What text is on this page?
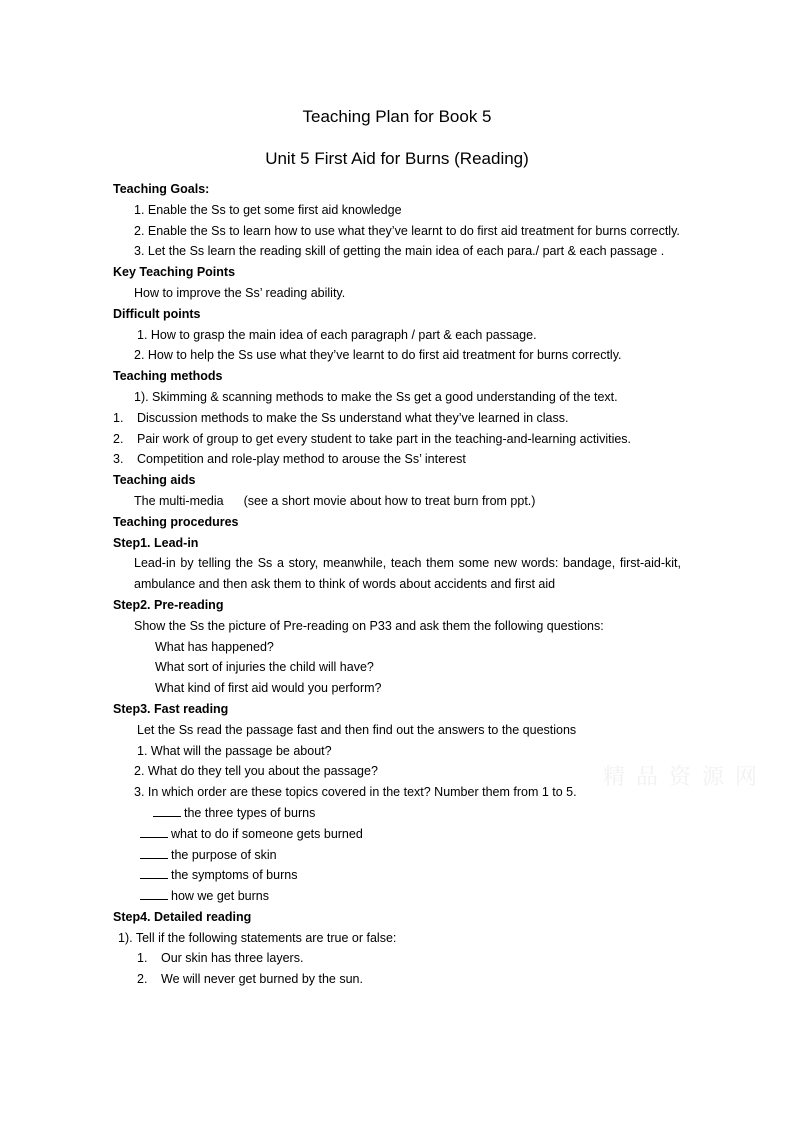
Teaching Plan for Book 5
Unit 5 First Aid for Burns (Reading)
Teaching Goals:
1. Enable the Ss to get some first aid knowledge
2. Enable the Ss to learn how to use what they’ve learnt to do first aid treatment for burns correctly.
3. Let the Ss learn the reading skill of getting the main idea of each para./ part & each passage .
Key Teaching Points
How to improve the Ss’ reading ability.
Difficult points
1. How to grasp the main idea of each paragraph / part & each passage.
2. How to help the Ss use what they’ve learnt to do first aid treatment for burns correctly.
Teaching methods
1). Skimming & scanning methods to make the Ss get a good understanding of the text.
1. Discussion methods to make the Ss understand what they’ve learned in class.
2. Pair work of group to get every student to take part in the teaching-and-learning activities.
3. Competition and role-play method to arouse the Ss’ interest
Teaching aids
The multi-media (see a short movie about how to treat burn from ppt.)
Teaching procedures
Step1. Lead-in
Lead-in by telling the Ss a story, meanwhile, teach them some new words: bandage, first-aid-kit, ambulance and then ask them to think of words about accidents and first aid
Step2. Pre-reading
Show the Ss the picture of Pre-reading on P33 and ask them the following questions:
What has happened?
What sort of injuries the child will have?
What kind of first aid would you perform?
Step3. Fast reading
Let the Ss read the passage fast and then find out the answers to the questions
1. What will the passage be about?
2. What do they tell you about the passage?
3. In which order are these topics covered in the text? Number them from 1 to 5.
the three types of burns
what to do if someone gets burned
the purpose of skin
the symptoms of burns
how we get burns
Step4. Detailed reading
1). Tell if the following statements are true or false:
1. Our skin has three layers.
2. We will never get burned by the sun.
精 品 资 源 网
